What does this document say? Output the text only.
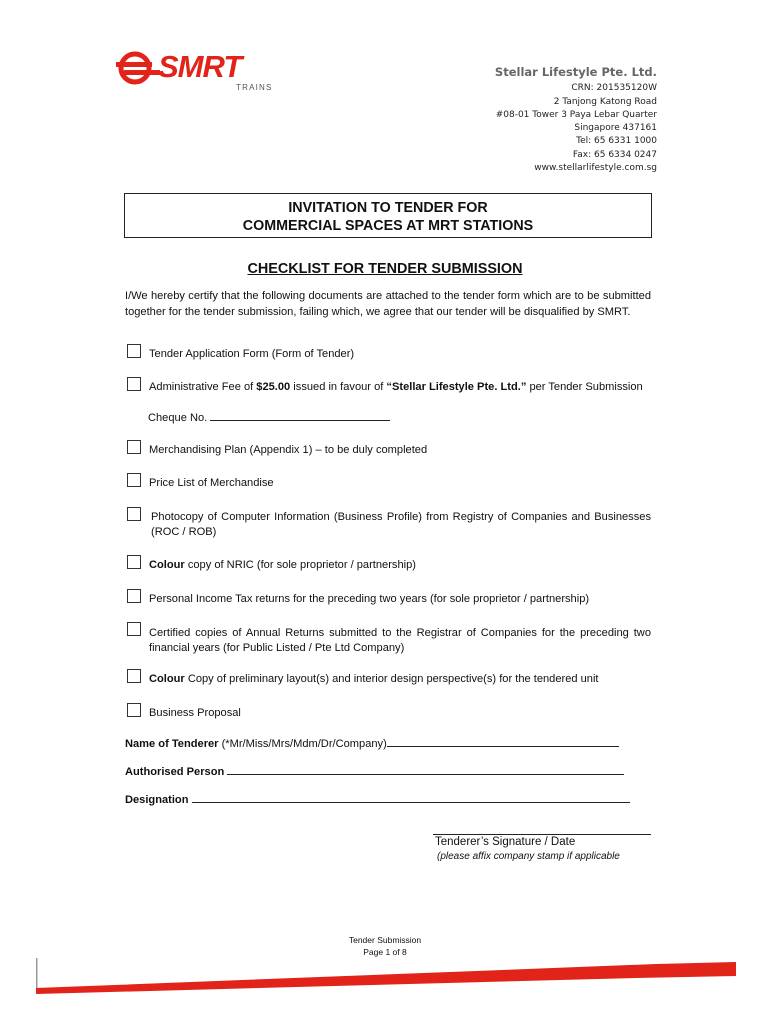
SMRT
TRAINS
Stellar Lifestyle Pte. Ltd.
CRN: 201535120W
2 Tanjong Katong Road
#08-01 Tower 3 Paya Lebar Quarter
Singapore 437161
Tel: 65 6331 1000
Fax: 65 6334 0247
www.stellarlifestyle.com.sg
INVITATION TO TENDER FOR
COMMERCIAL SPACES AT MRT STATIONS
CHECKLIST FOR TENDER SUBMISSION
I/We hereby certify that the following documents are attached to the tender form which are to be submitted together for the tender submission, failing which, we agree that our tender will be disqualified by SMRT.
Tender Application Form (Form of Tender)
Administrative Fee of $25.00 issued in favour of “Stellar Lifestyle Pte. Ltd.” per Tender Submission
Cheque No.
Merchandising Plan (Appendix 1) – to be duly completed
Price List of Merchandise
Photocopy of Computer Information (Business Profile) from Registry of Companies and Businesses (ROC / ROB)
Colour copy of NRIC (for sole proprietor / partnership)
Personal Income Tax returns for the preceding two years (for sole proprietor / partnership)
Certified copies of Annual Returns submitted to the Registrar of Companies for the preceding two financial years (for Public Listed / Pte Ltd Company)
Colour Copy of preliminary layout(s) and interior design perspective(s) for the tendered unit
Business Proposal
Name of Tenderer (*Mr/Miss/Mrs/Mdm/Dr/Company)
Authorised Person
Designation
Tenderer’s Signature / Date
(please affix company stamp if applicable
Tender Submission
Page 1 of 8
